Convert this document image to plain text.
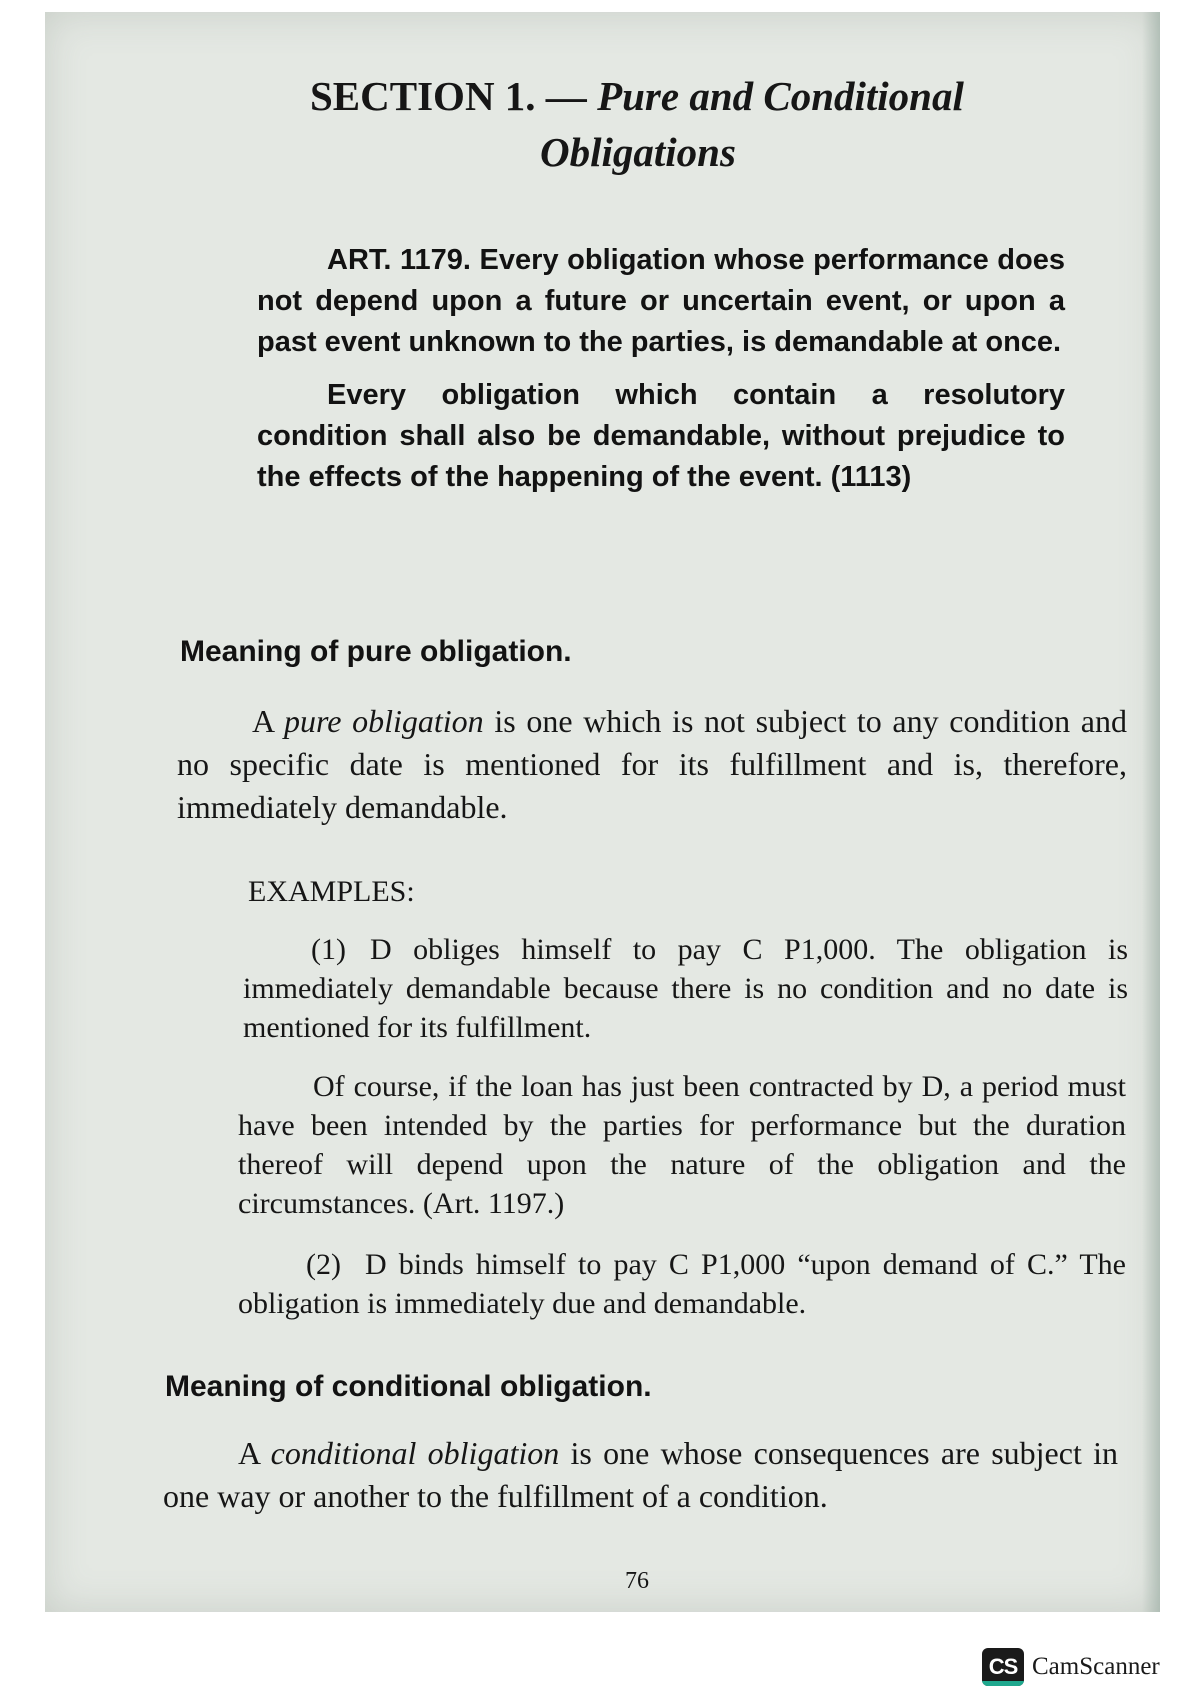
SECTION 1. — Pure and Conditional
Obligations

ART. 1179. Every obligation whose performance does not depend upon a future or uncertain event, or upon a past event unknown to the parties, is demandable at once.

Every obligation which contain a resolutory condition shall also be demandable, without prejudice to the effects of the happening of the event. (1113)

Meaning of pure obligation.

A pure obligation is one which is not subject to any condition and no specific date is mentioned for its fulfillment and is, therefore, immediately demandable.

EXAMPLES:

(1) D obliges himself to pay C P1,000. The obligation is immediately demandable because there is no condition and no date is mentioned for its fulfillment.

Of course, if the loan has just been contracted by D, a period must have been intended by the parties for performance but the duration thereof will depend upon the nature of the obligation and the circumstances. (Art. 1197.)

(2) D binds himself to pay C P1,000 “upon demand of C.” The obligation is immediately due and demandable.

Meaning of conditional obligation.

A conditional obligation is one whose consequences are subject in one way or another to the fulfillment of a condition.

76
CS CamScanner
